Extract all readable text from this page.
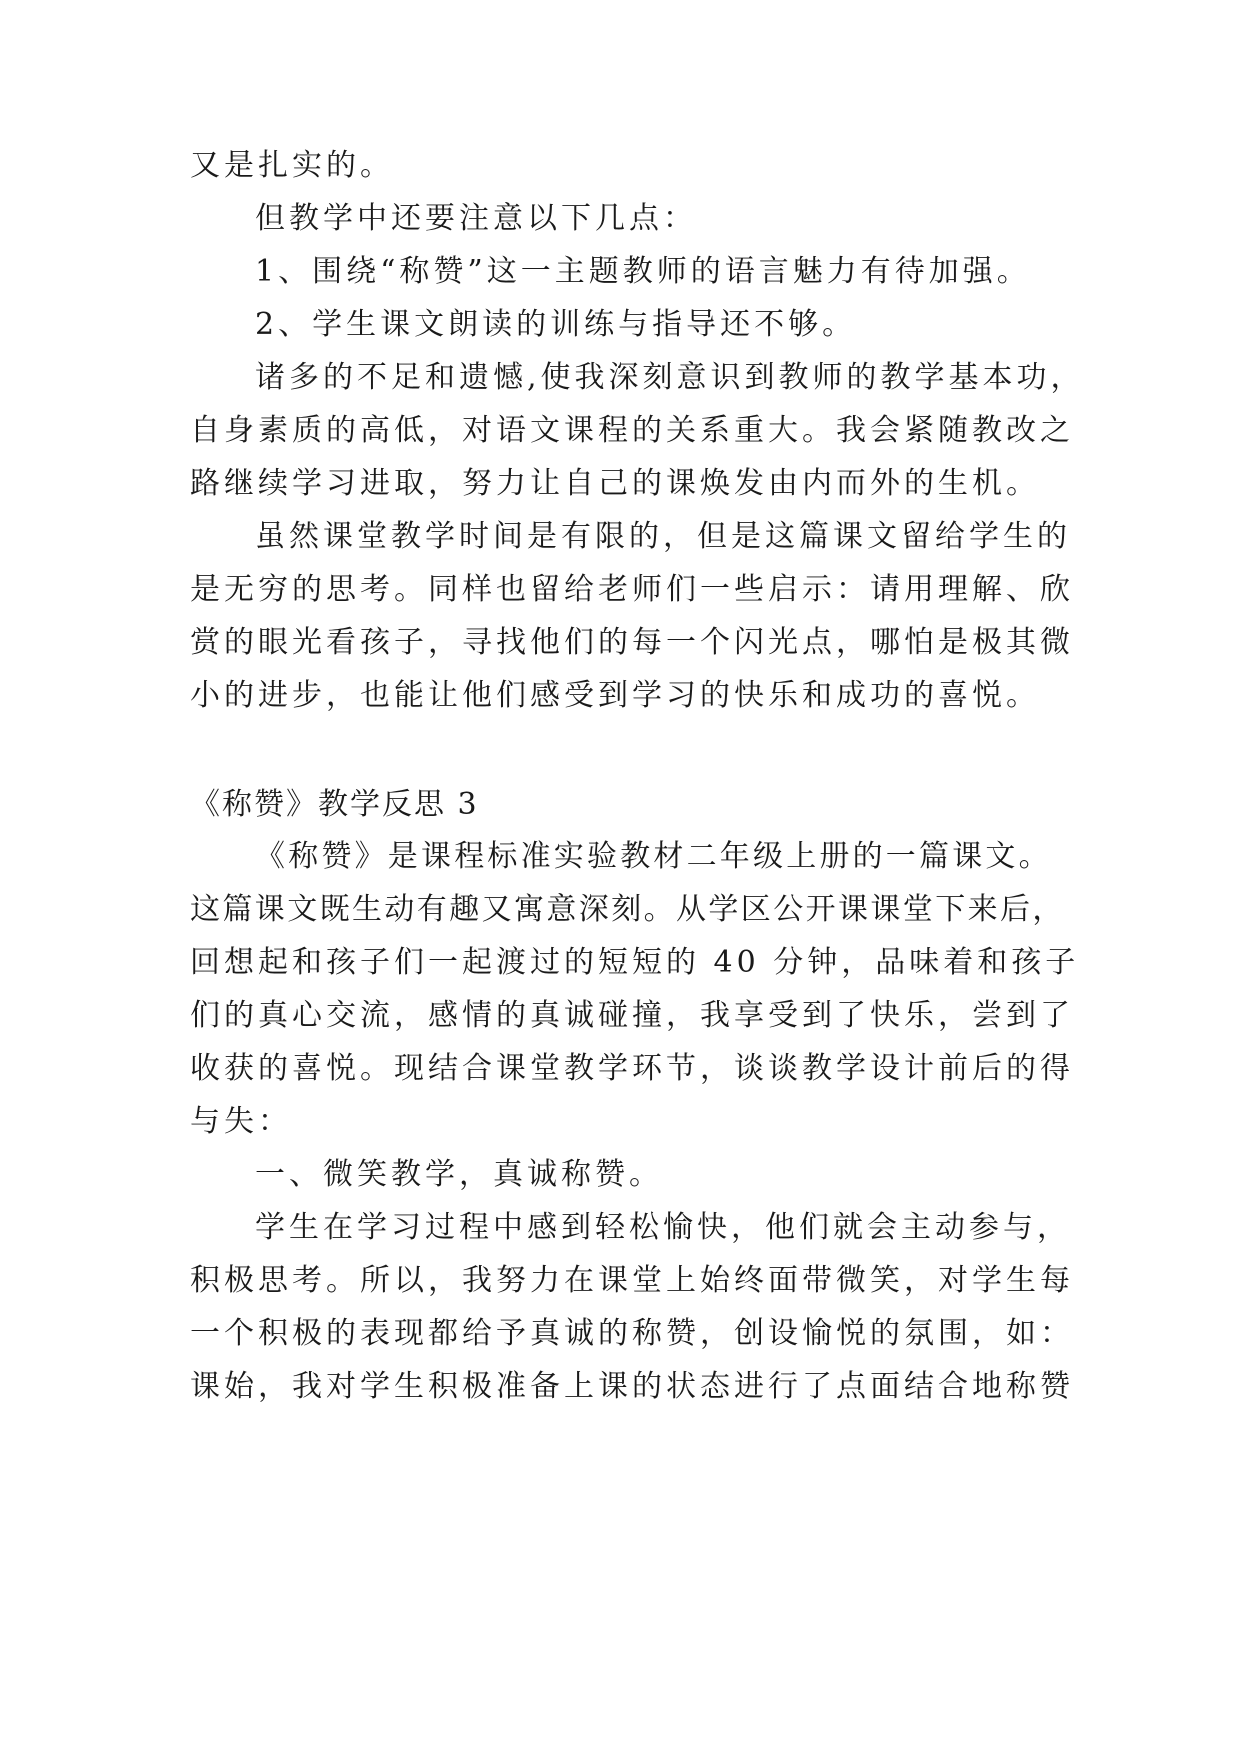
又是扎实的。
但教学中还要注意以下几点：
1、围绕“称赞”这一主题教师的语言魅力有待加强。
2、学生课文朗读的训练与指导还不够。
诸多的不足和遗憾,使我深刻意识到教师的教学基本功，
自身素质的高低，对语文课程的关系重大。我会紧随教改之
路继续学习进取，努力让自己的课焕发由内而外的生机。
虽然课堂教学时间是有限的，但是这篇课文留给学生的
是无穷的思考。同样也留给老师们一些启示：请用理解、欣
赏的眼光看孩子，寻找他们的每一个闪光点，哪怕是极其微
小的进步，也能让他们感受到学习的快乐和成功的喜悦。
《称赞》教学反思 3
《称赞》是课程标准实验教材二年级上册的一篇课文。
这篇课文既生动有趣又寓意深刻。从学区公开课课堂下来后，
回想起和孩子们一起渡过的短短的 40 分钟，品味着和孩子
们的真心交流，感情的真诚碰撞，我享受到了快乐，尝到了
收获的喜悦。现结合课堂教学环节，谈谈教学设计前后的得
与失：
一、微笑教学，真诚称赞。
学生在学习过程中感到轻松愉快，他们就会主动参与，
积极思考。所以，我努力在课堂上始终面带微笑，对学生每
一个积极的表现都给予真诚的称赞，创设愉悦的氛围，如：
课始，我对学生积极准备上课的状态进行了点面结合地称赞
